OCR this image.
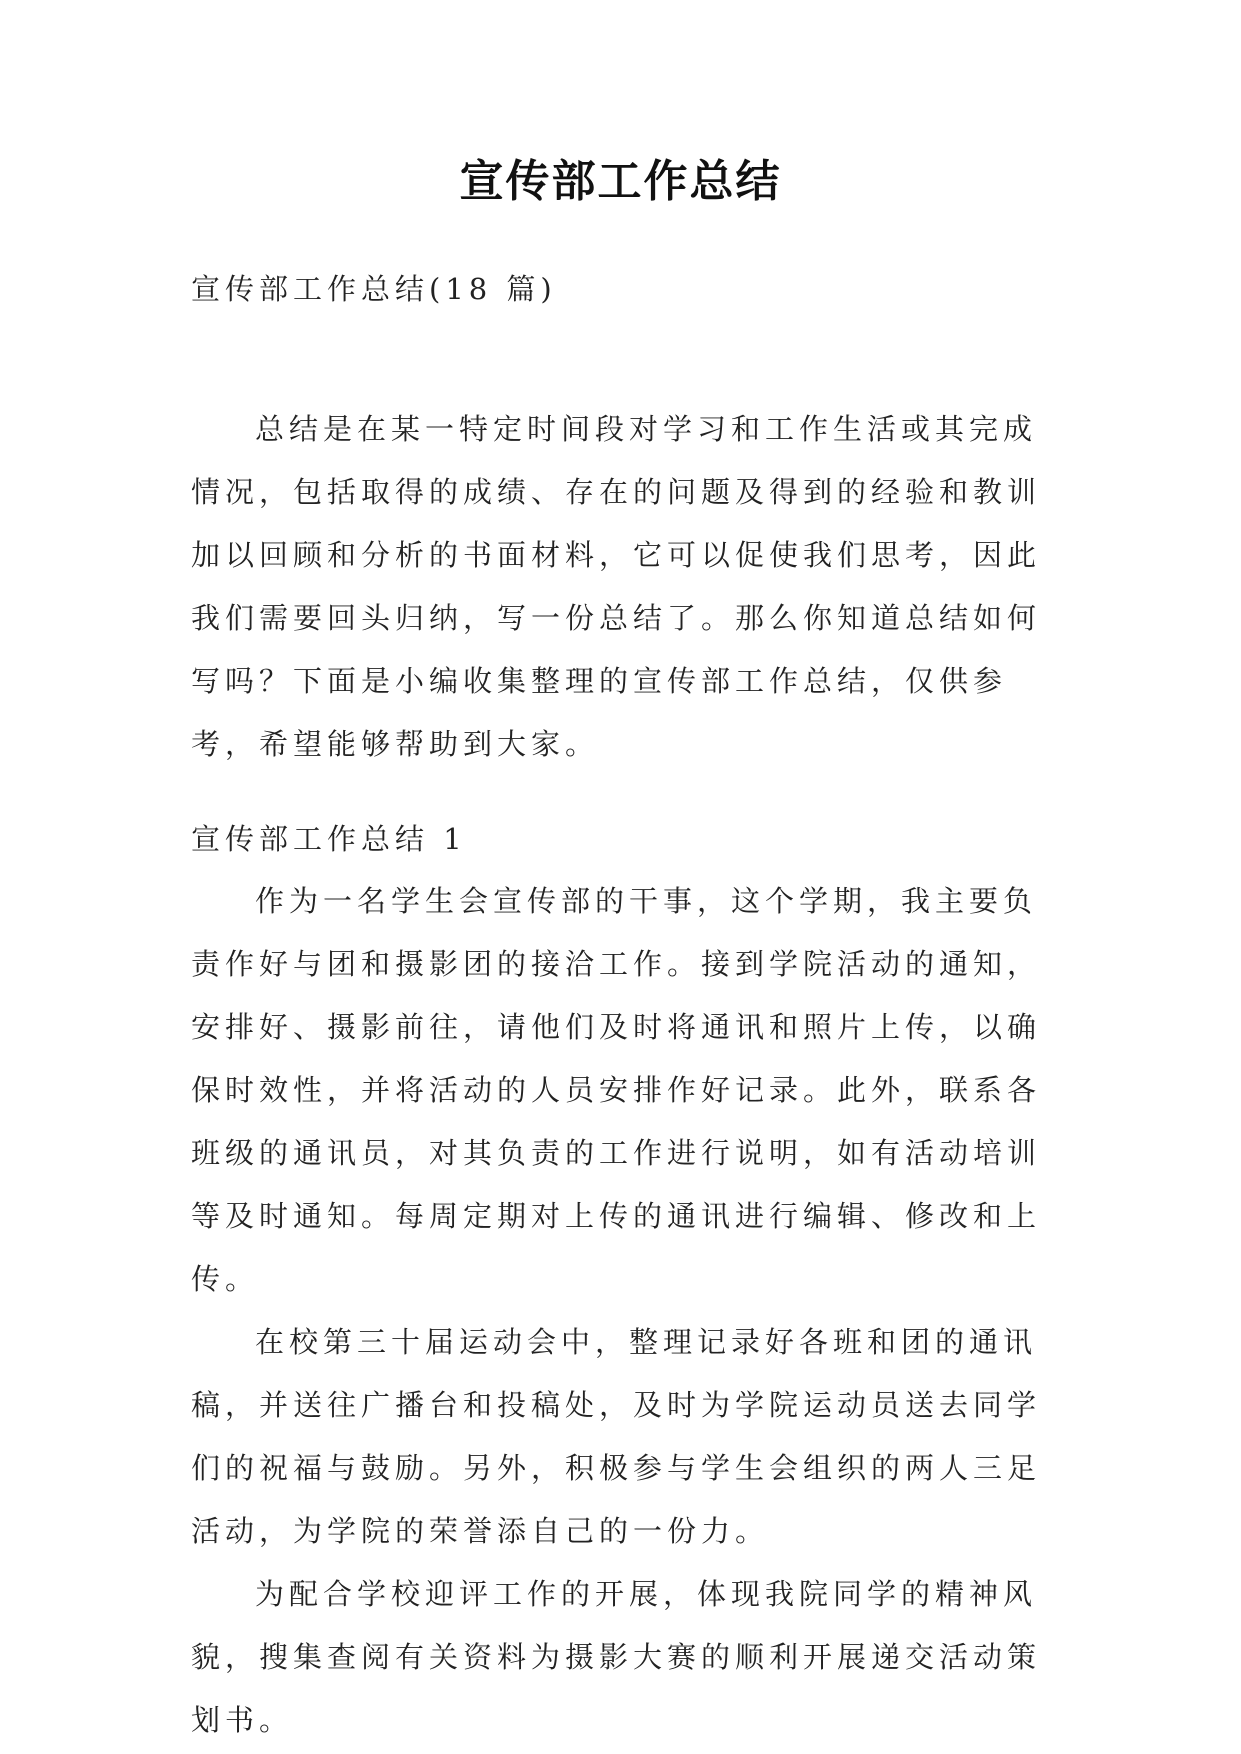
宣传部工作总结
宣传部工作总结(18 篇)

总结是在某一特定时间段对学习和工作生活或其完成情况，包括取得的成绩、存在的问题及得到的经验和教训加以回顾和分析的书面材料，它可以促使我们思考，因此我们需要回头归纳，写一份总结了。那么你知道总结如何写吗？下面是小编收集整理的宣传部工作总结，仅供参考，希望能够帮助到大家。

宣传部工作总结 1

作为一名学生会宣传部的干事，这个学期，我主要负责作好与团和摄影团的接洽工作。接到学院活动的通知，安排好、摄影前往，请他们及时将通讯和照片上传，以确保时效性，并将活动的人员安排作好记录。此外，联系各班级的通讯员，对其负责的工作进行说明，如有活动培训等及时通知。每周定期对上传的通讯进行编辑、修改和上传。

在校第三十届运动会中，整理记录好各班和团的通讯稿，并送往广播台和投稿处，及时为学院运动员送去同学们的祝福与鼓励。另外，积极参与学生会组织的两人三足活动，为学院的荣誉添自己的一份力。

为配合学校迎评工作的开展，体现我院同学的精神风貌，搜集查阅有关资料为摄影大赛的顺利开展递交活动策划书。
